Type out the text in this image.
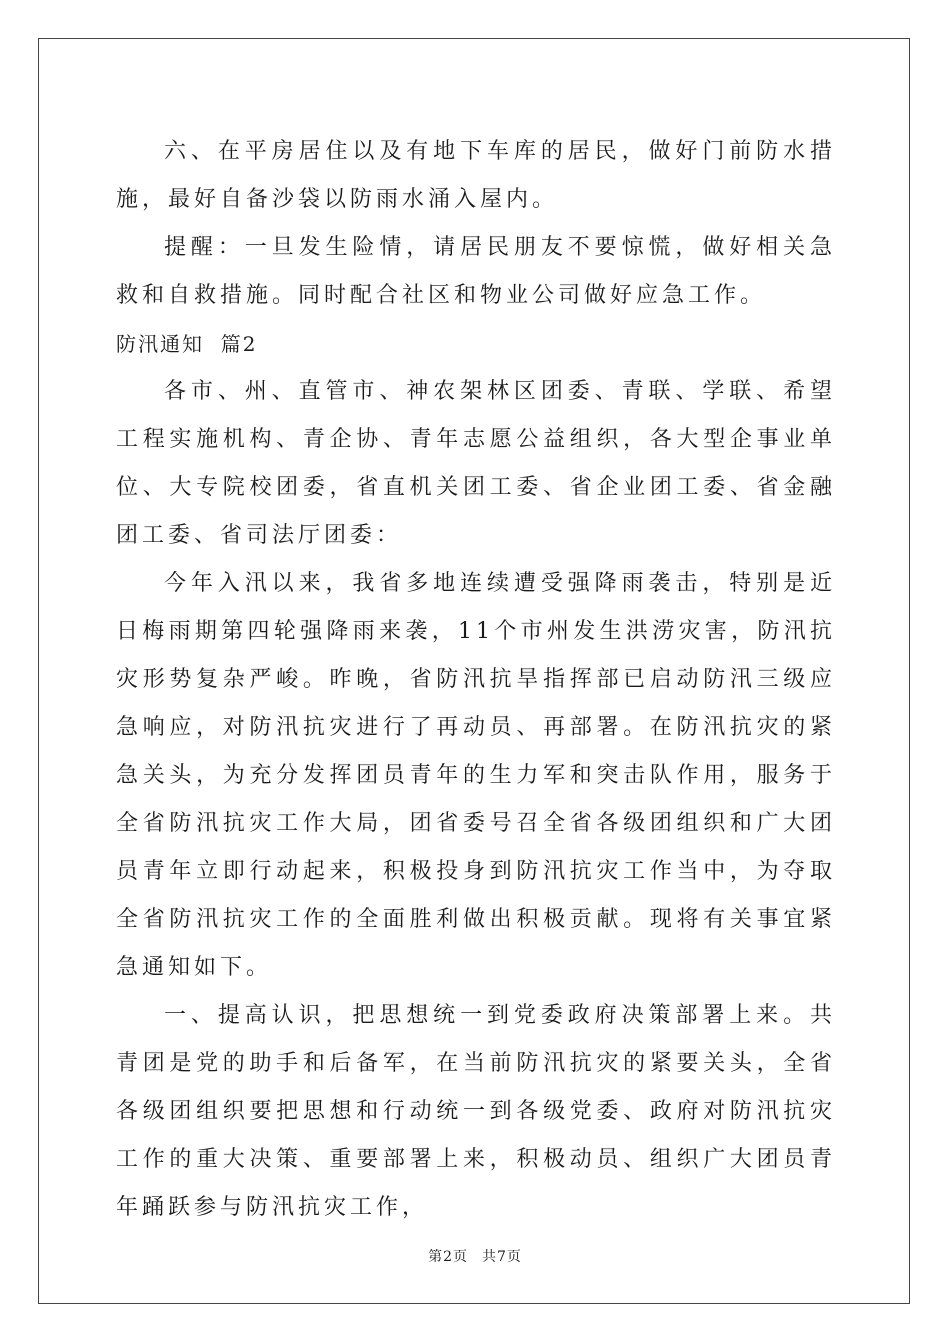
六、在平房居住以及有地下车库的居民，做好门前防水措施，最好自备沙袋以防雨水涌入屋内。

提醒：一旦发生险情，请居民朋友不要惊慌，做好相关急救和自救措施。同时配合社区和物业公司做好应急工作。

防汛通知  篇2

各市、州、直管市、神农架林区团委、青联、学联、希望工程实施机构、青企协、青年志愿公益组织，各大型企事业单位、大专院校团委，省直机关团工委、省企业团工委、省金融团工委、省司法厅团委：

今年入汛以来，我省多地连续遭受强降雨袭击，特别是近日梅雨期第四轮强降雨来袭，11个市州发生洪涝灾害，防汛抗灾形势复杂严峻。昨晚，省防汛抗旱指挥部已启动防汛三级应急响应，对防汛抗灾进行了再动员、再部署。在防汛抗灾的紧急关头，为充分发挥团员青年的生力军和突击队作用，服务于全省防汛抗灾工作大局，团省委号召全省各级团组织和广大团员青年立即行动起来，积极投身到防汛抗灾工作当中，为夺取全省防汛抗灾工作的全面胜利做出积极贡献。现将有关事宜紧急通知如下。

一、提高认识，把思想统一到党委政府决策部署上来。共青团是党的助手和后备军，在当前防汛抗灾的紧要关头，全省各级团组织要把思想和行动统一到各级党委、政府对防汛抗灾工作的重大决策、重要部署上来，积极动员、组织广大团员青年踊跃参与防汛抗灾工作，

第2页 共7页
